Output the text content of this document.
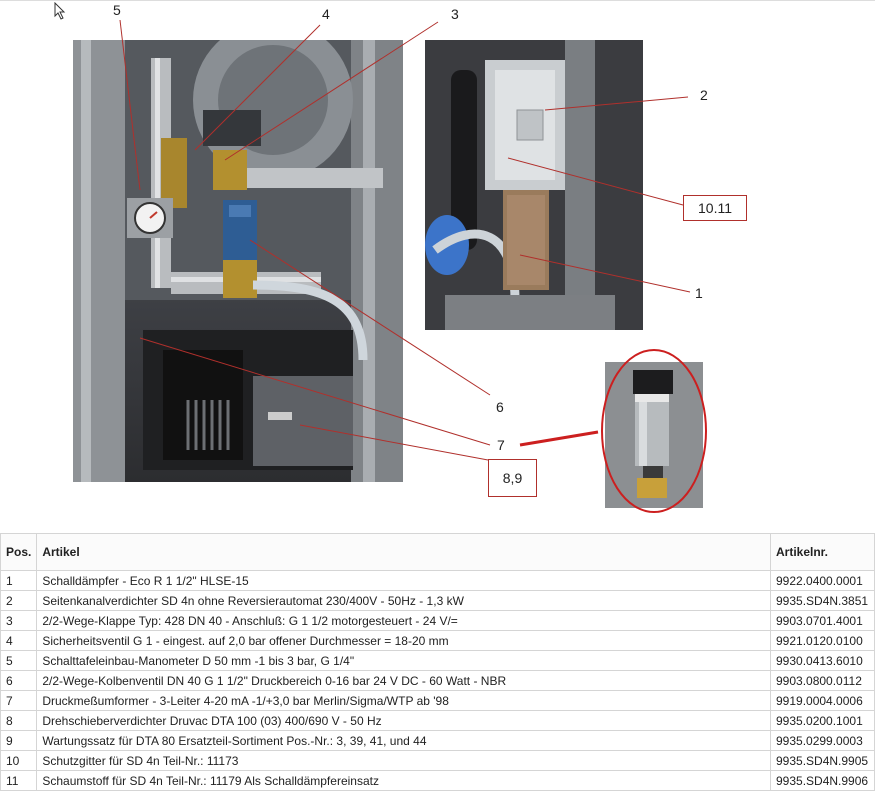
5	4	3
2
10.11
1
6
7
8,9
Pos.	Artikel	Artikelnr.
1	Schalldämpfer - Eco R 1 1/2" HLSE-15	9922.0400.0001
2	Seitenkanalverdichter SD 4n ohne Reversierautomat 230/400V - 50Hz - 1,3 kW	9935.SD4N.3851
3	2/2-Wege-Klappe Typ: 428 DN 40 - Anschluß: G 1 1/2 motorgesteuert - 24 V/=	9903.0701.4001
4	Sicherheitsventil G 1 - eingest. auf 2,0 bar offener Durchmesser = 18-20 mm	9921.0120.0100
5	Schalttafeleinbau-Manometer D 50 mm -1 bis 3 bar, G 1/4"	9930.0413.6010
6	2/2-Wege-Kolbenventil DN 40 G 1 1/2" Druckbereich 0-16 bar 24 V DC - 60 Watt - NBR	9903.0800.0112
7	Druckmeßumformer - 3-Leiter 4-20 mA -1/+3,0 bar Merlin/Sigma/WTP ab '98	9919.0004.0006
8	Drehschieberverdichter Druvac DTA 100 (03) 400/690 V - 50 Hz	9935.0200.1001
9	Wartungssatz für DTA 80 Ersatzteil-Sortiment Pos.-Nr.: 3, 39, 41, und 44	9935.0299.0003
10	Schutzgitter für SD 4n Teil-Nr.: 11173	9935.SD4N.9905
11	Schaumstoff für SD 4n Teil-Nr.: 11179 Als Schalldämpfereinsatz	9935.SD4N.9906
